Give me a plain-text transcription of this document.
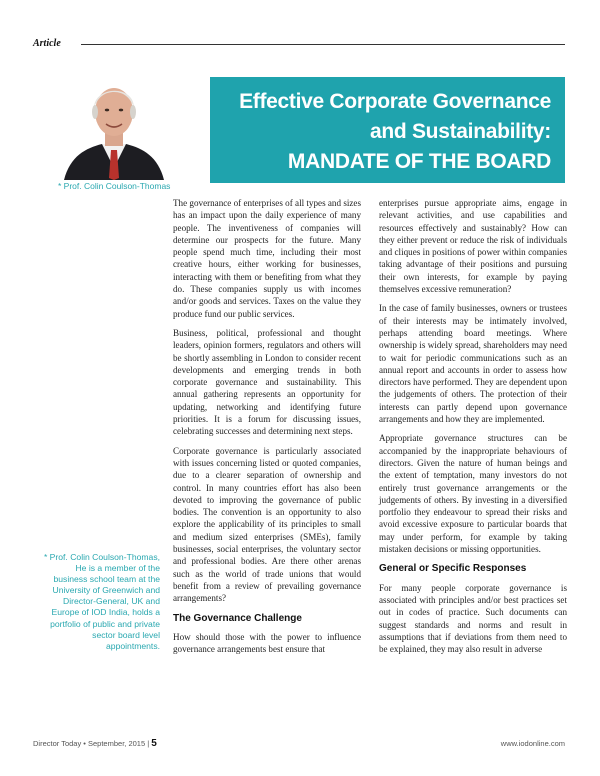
Article
* Prof. Colin Coulson-Thomas
Effective Corporate Governance
and Sustainability:
MANDATE OF THE BOARD
* Prof. Colin Coulson-Thomas, He is a member of the business school team at the University of Greenwich and Director-General, UK and Europe of IOD India, holds a portfolio of public and private sector board level appointments.

The governance of enterprises of all types and sizes has an impact upon the daily experience of many people. The inventiveness of companies will determine our prospects for the future. Many people spend much time, including their most creative hours, either working for businesses, interacting with them or benefiting from what they do. These companies supply us with incomes and/or goods and services. Taxes on the value they produce fund our public services.

Business, political, professional and thought leaders, opinion formers, regulators and others will be shortly assembling in London to consider recent developments and emerging trends in both corporate governance and sustainability. This annual gathering represents an opportunity for updating, networking and identifying future priorities. It is a forum for discussing issues, celebrating successes and determining next steps.

Corporate governance is particularly associated with issues concerning listed or quoted companies, due to a clearer separation of ownership and control. In many countries effort has also been devoted to improving the governance of public bodies. The convention is an opportunity to also explore the applicability of its principles to small and medium sized enterprises (SMEs), family businesses, social enterprises, the voluntary sector and professional bodies. Are there other arenas such as the world of trade unions that would benefit from a review of prevailing governance arrangements?

The Governance Challenge

How should those with the power to influence governance arrangements best ensure that

enterprises pursue appropriate aims, engage in relevant activities, and use capabilities and resources effectively and sustainably? How can they either prevent or reduce the risk of individuals and cliques in positions of power within companies taking advantage of their positions and pursuing their own interests, for example by paying themselves excessive remuneration?

In the case of family businesses, owners or trustees of their interests may be intimately involved, perhaps attending board meetings. Where ownership is widely spread, shareholders may need to wait for periodic communications such as an annual report and accounts in order to assess how directors have performed. They are dependent upon the judgements of others. The protection of their interests can partly depend upon governance arrangements and how they are implemented.

Appropriate governance structures can be accompanied by the inappropriate behaviours of directors. Given the nature of human beings and the extent of temptation, many investors do not entirely trust governance arrangements or the judgements of others. By investing in a diversified portfolio they endeavour to spread their risks and avoid excessive exposure to particular boards that may under perform, for example by taking mistaken decisions or missing opportunities.

General or Specific Responses

For many people corporate governance is associated with principles and/or best practices set out in codes of practice. Such documents can suggest standards and norms and result in assumptions that if deviations from them need to be explained, they may also result in adverse

Director Today • September, 2015 | 5	www.iodonline.com
